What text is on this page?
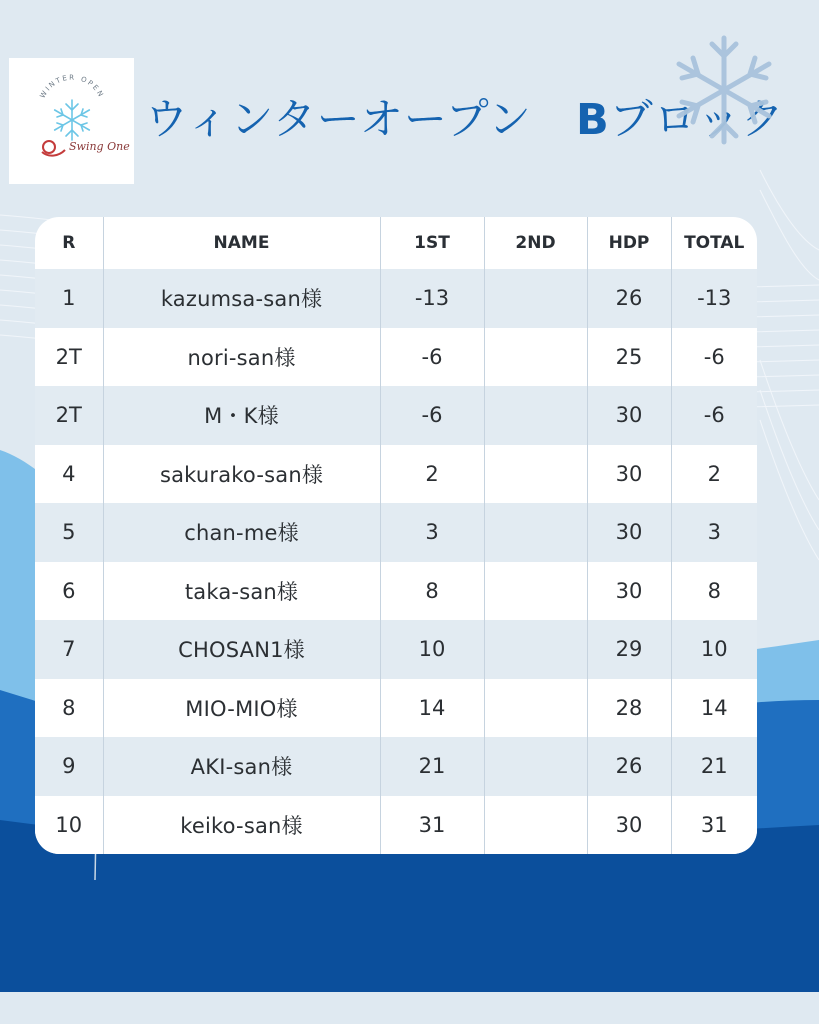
WINTER OPEN
Swing One
ウィンターオープン Bブロック
R	NAME	1ST	2ND	HDP	TOTAL
1	kazumsa-san様	-13		26	-13
2T	nori-san様	-6		25	-6
2T	M・K様	-6		30	-6
4	sakurako-san様	2		30	2
5	chan-me様	3		30	3
6	taka-san様	8		30	8
7	CHOSAN1様	10		29	10
8	MIO-MIO様	14		28	14
9	AKI-san様	21		26	21
10	keiko-san様	31		30	31
